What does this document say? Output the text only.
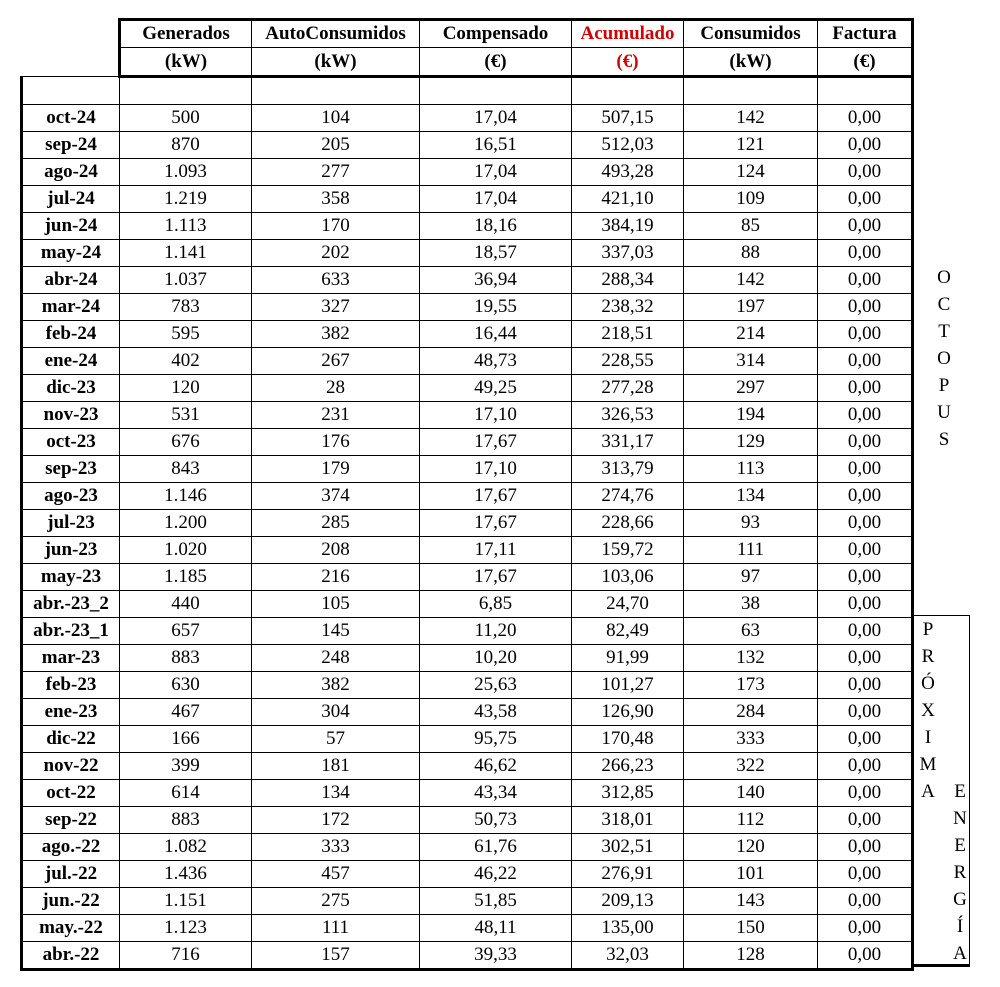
	Generados	AutoConsumidos	Compensado	Acumulado	Consumidos	Factura
	(kW)	(kW)	(€)	(€)	(kW)	(€)

oct-24	500	104	17,04	507,15	142	0,00
sep-24	870	205	16,51	512,03	121	0,00
ago-24	1.093	277	17,04	493,28	124	0,00
jul-24	1.219	358	17,04	421,10	109	0,00
jun-24	1.113	170	18,16	384,19	85	0,00
may-24	1.141	202	18,57	337,03	88	0,00
abr-24	1.037	633	36,94	288,34	142	0,00
mar-24	783	327	19,55	238,32	197	0,00
feb-24	595	382	16,44	218,51	214	0,00
ene-24	402	267	48,73	228,55	314	0,00
dic-23	120	28	49,25	277,28	297	0,00
nov-23	531	231	17,10	326,53	194	0,00
oct-23	676	176	17,67	331,17	129	0,00
sep-23	843	179	17,10	313,79	113	0,00
ago-23	1.146	374	17,67	274,76	134	0,00
jul-23	1.200	285	17,67	228,66	93	0,00
jun-23	1.020	208	17,11	159,72	111	0,00
may-23	1.185	216	17,67	103,06	97	0,00
abr.-23_2	440	105	6,85	24,70	38	0,00
abr.-23_1	657	145	11,20	82,49	63	0,00
mar-23	883	248	10,20	91,99	132	0,00
feb-23	630	382	25,63	101,27	173	0,00
ene-23	467	304	43,58	126,90	284	0,00
dic-22	166	57	95,75	170,48	333	0,00
nov-22	399	181	46,62	266,23	322	0,00
oct-22	614	134	43,34	312,85	140	0,00
sep-22	883	172	50,73	318,01	112	0,00
ago.-22	1.082	333	61,76	302,51	120	0,00
jul.-22	1.436	457	46,22	276,91	101	0,00
jun.-22	1.151	275	51,85	209,13	143	0,00
may.-22	1.123	111	48,11	135,00	150	0,00
abr.-22	716	157	39,33	32,03	128	0,00
O
C
T
O
P
U
S
P
R
Ó
X
I
M
A E
N
E
R
G
Í
A
